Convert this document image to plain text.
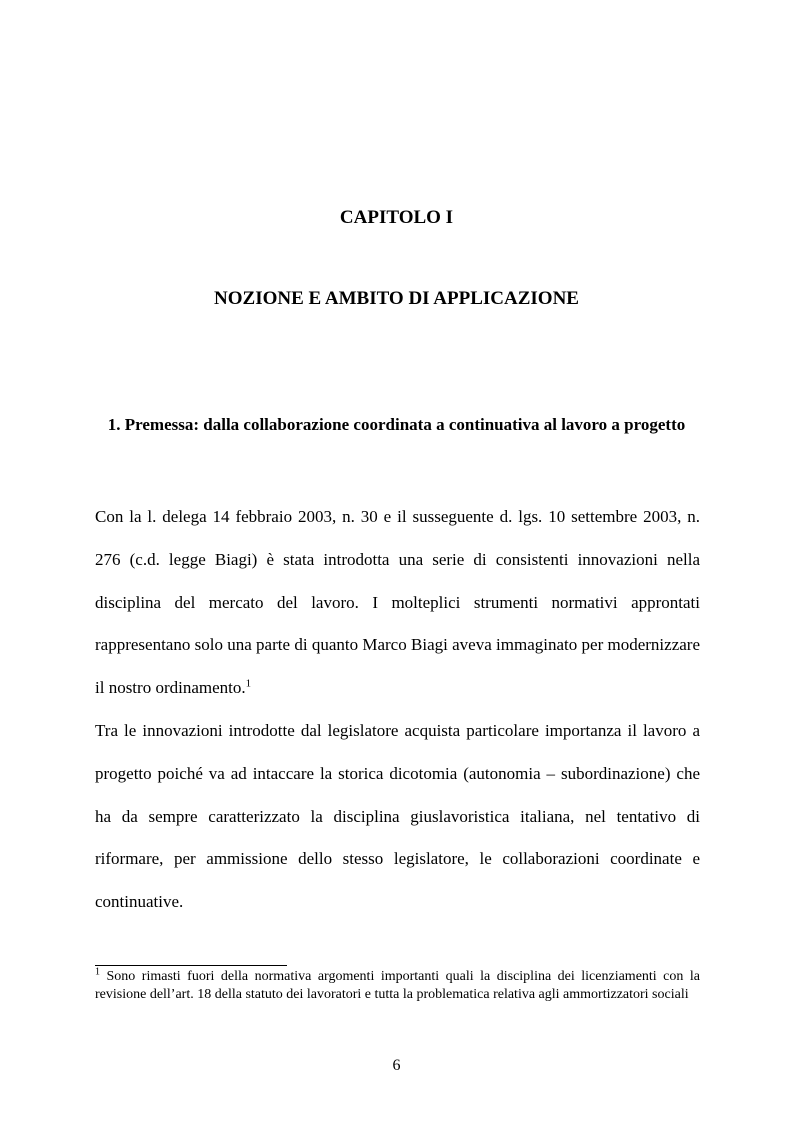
CAPITOLO I
NOZIONE E AMBITO DI APPLICAZIONE
1. Premessa: dalla collaborazione coordinata a continuativa al lavoro a progetto

Con la l. delega 14 febbraio 2003, n. 30 e il susseguente d. lgs. 10 settembre 2003, n. 276 (c.d. legge Biagi) è stata introdotta una serie di consistenti innovazioni nella disciplina del mercato del lavoro. I molteplici strumenti normativi approntati rappresentano solo una parte di quanto Marco Biagi aveva immaginato per modernizzare il nostro ordinamento.$^1$

Tra le innovazioni introdotte dal legislatore acquista particolare importanza il lavoro a progetto poiché va ad intaccare la storica dicotomia (autonomia – subordinazione) che ha da sempre caratterizzato la disciplina giuslavoristica italiana, nel tentativo di riformare, per ammissione dello stesso legislatore, le collaborazioni coordinate e continuative.

$^1$ Sono rimasti fuori della normativa argomenti importanti quali la disciplina dei licenziamenti con la revisione dell’art. 18 della statuto dei lavoratori e tutta la problematica relativa agli ammortizzatori sociali
6
